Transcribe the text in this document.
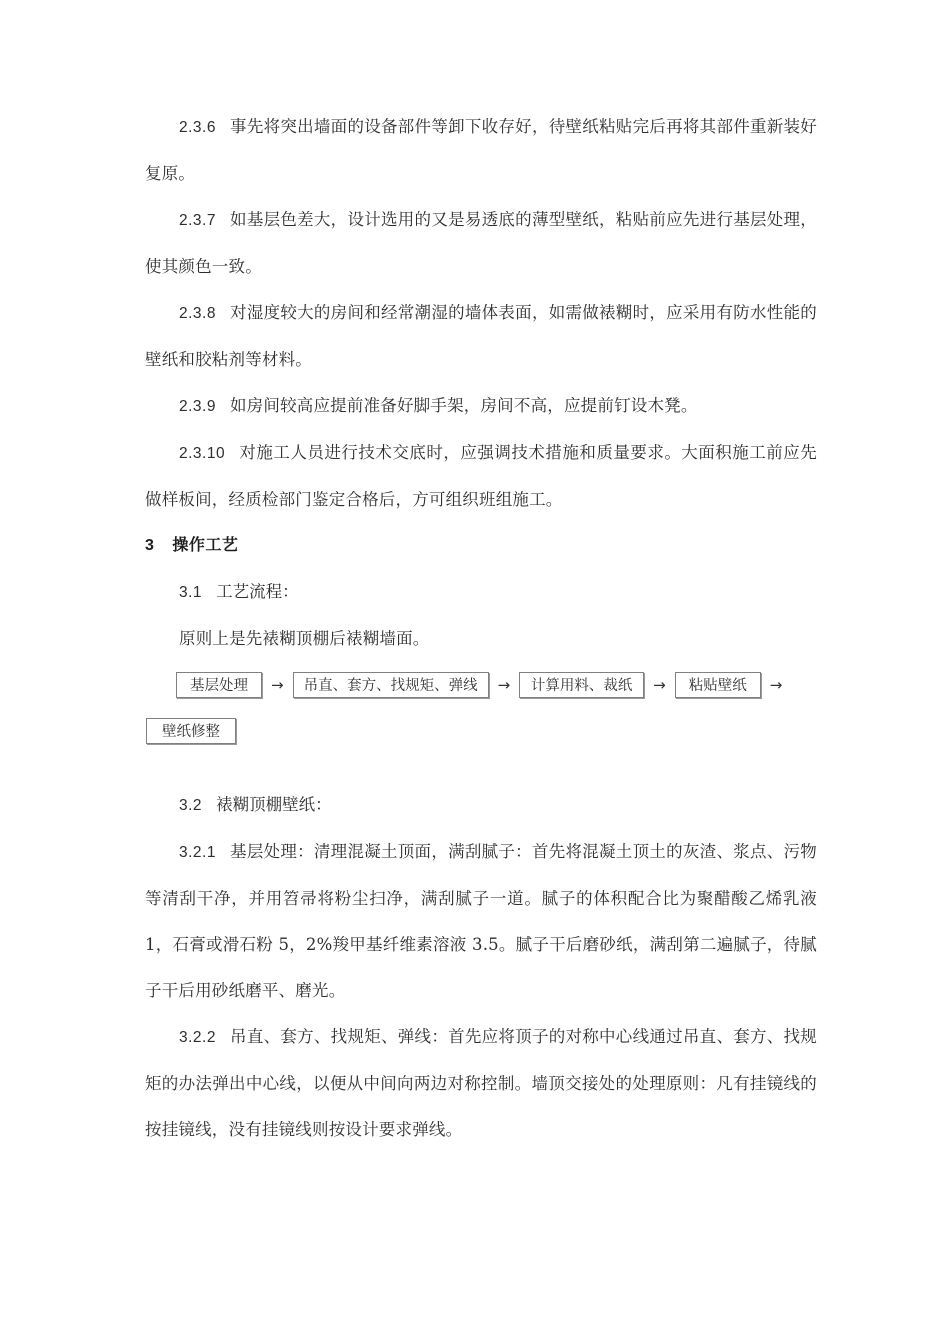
2.3.6 事先将突出墙面的设备部件等卸下收存好，待壁纸粘贴完后再将其部件重新装好复原。

2.3.7 如基层色差大，设计选用的又是易透底的薄型壁纸，粘贴前应先进行基层处理，使其颜色一致。

2.3.8 对湿度较大的房间和经常潮湿的墙体表面，如需做裱糊时，应采用有防水性能的壁纸和胶粘剂等材料。

2.3.9 如房间较高应提前准备好脚手架，房间不高，应提前钉设木凳。

2.3.10 对施工人员进行技术交底时，应强调技术措施和质量要求。大面积施工前应先做样板间，经质检部门鉴定合格后，方可组织班组施工。

3 操作工艺

3.1 工艺流程：

原则上是先裱糊顶棚后裱糊墙面。

基层处理	→	吊直、套方、找规矩、弹线	→	计算用料、裁纸	→	粘贴壁纸	→
壁纸修整

3.2 裱糊顶棚壁纸：

3.2.1 基层处理：清理混凝土顶面，满刮腻子：首先将混凝土顶土的灰渣、浆点、污物等清刮干净，并用笤帚将粉尘扫净，满刮腻子一道。腻子的体积配合比为聚醋酸乙烯乳液 1，石膏或滑石粉 5，2%羧甲基纤维素溶液 3.5。腻子干后磨砂纸，满刮第二遍腻子，待腻子干后用砂纸磨平、磨光。

3.2.2 吊直、套方、找规矩、弹线：首先应将顶子的对称中心线通过吊直、套方、找规矩的办法弹出中心线，以便从中间向两边对称控制。墙顶交接处的处理原则：凡有挂镜线的按挂镜线，没有挂镜线则按设计要求弹线。
